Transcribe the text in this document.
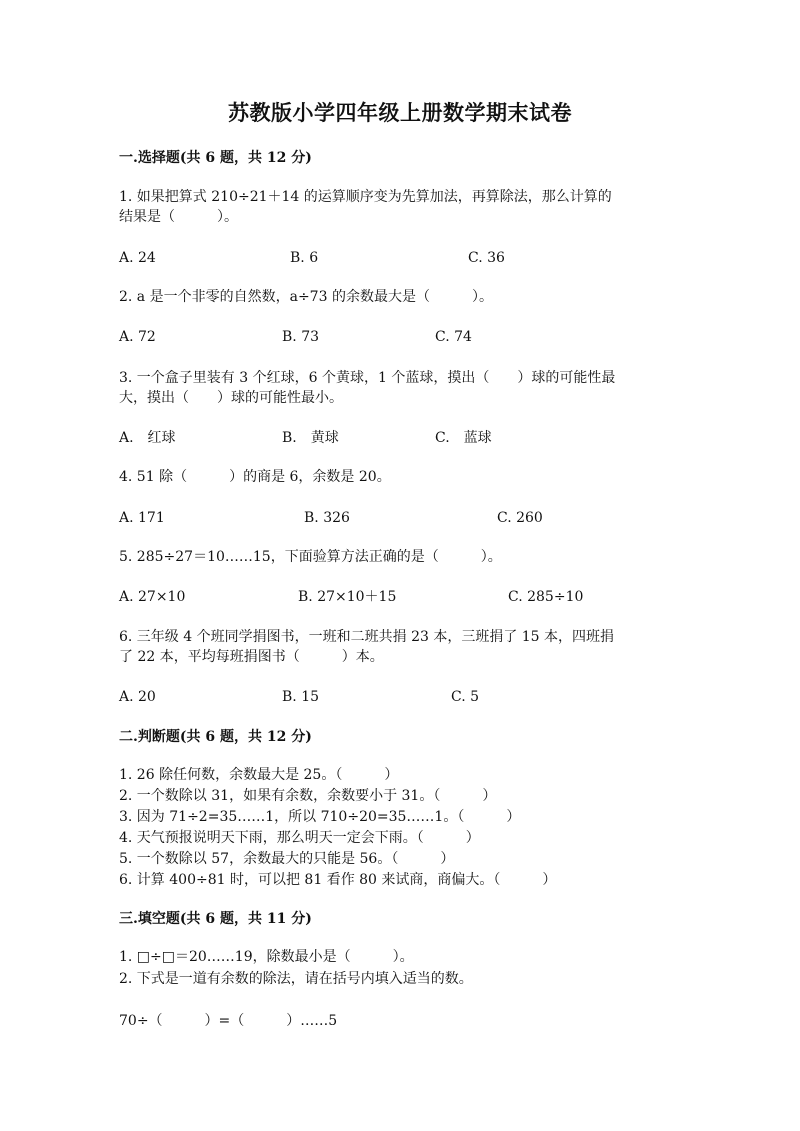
苏教版小学四年级上册数学期末试卷
一.选择题(共 6 题，共 12 分)
1. 如果把算式 210÷21＋14 的运算顺序变为先算加法，再算除法，那么计算的
结果是（　　　）。
A. 24	B. 6	C. 36
2. a 是一个非零的自然数，a÷73 的余数最大是（　　　）。
A. 72	B. 73	C. 74
3. 一个盒子里装有 3 个红球，6 个黄球，1 个蓝球，摸出（　　）球的可能性最
大，摸出（　　）球的可能性最小。
A.　红球	B.　黄球	C.　蓝球
4. 51 除（　　　）的商是 6，余数是 20。
A. 171	B. 326	C. 260
5. 285÷27＝10……15，下面验算方法正确的是（　　　）。
A. 27×10	B. 27×10＋15	C. 285÷10
6. 三年级 4 个班同学捐图书，一班和二班共捐 23 本，三班捐了 15 本，四班捐
了 22 本，平均每班捐图书（　　　）本。
A. 20	B. 15	C. 5
二.判断题(共 6 题，共 12 分)
1. 26 除任何数，余数最大是 25。（　　　）
2. 一个数除以 31，如果有余数，余数要小于 31。（　　　）
3. 因为 71÷2=35……1，所以 710÷20=35……1。（　　　）
4. 天气预报说明天下雨，那么明天一定会下雨。（　　　）
5. 一个数除以 57，余数最大的只能是 56。（　　　）
6. 计算 400÷81 时，可以把 81 看作 80 来试商，商偏大。（　　　）
三.填空题(共 6 题，共 11 分)
1. □÷□＝20……19，除数最小是（　　　）。
2. 下式是一道有余数的除法，请在括号内填入适当的数。
70÷（　　　）=（　　　）……5
